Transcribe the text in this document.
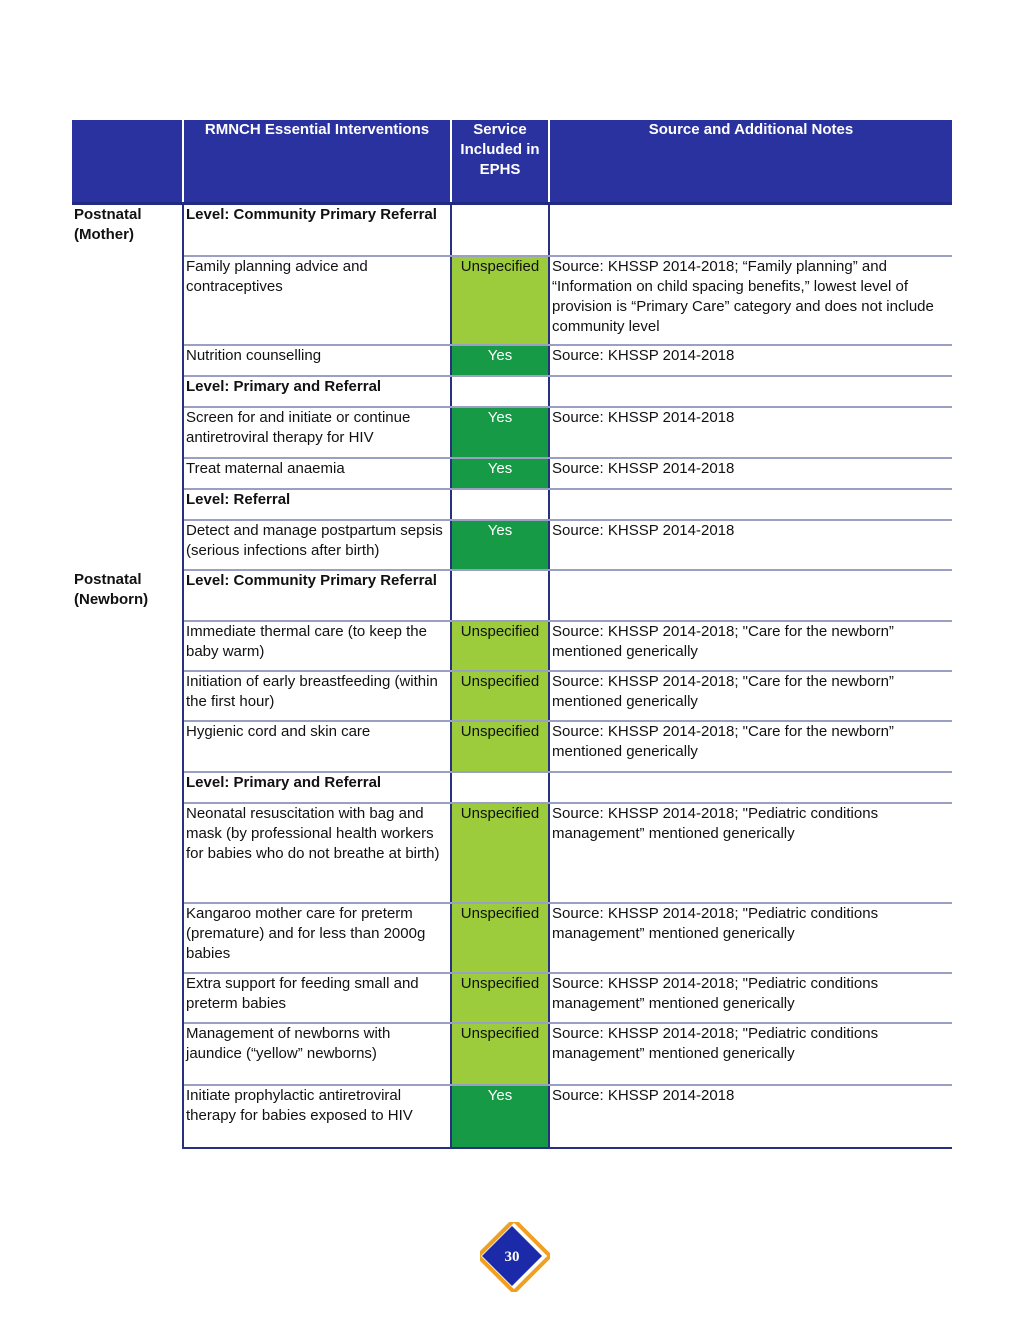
	RMNCH Essential Interventions	Service Included in EPHS	Source and Additional Notes
Postnatal (Mother)	Level: Community Primary Referral		
	Family planning advice and contraceptives	Unspecified	Source: KHSSP 2014-2018; “Family planning” and “Information on child spacing benefits,” lowest level of provision is “Primary Care” category and does not include community level
	Nutrition counselling	Yes	Source: KHSSP 2014-2018
	Level: Primary and Referral		
	Screen for and initiate or continue antiretroviral therapy for HIV	Yes	Source: KHSSP 2014-2018
	Treat maternal anaemia	Yes	Source: KHSSP 2014-2018
	Level: Referral		
	Detect and manage postpartum sepsis (serious infections after birth)	Yes	Source: KHSSP 2014-2018
Postnatal (Newborn)	Level: Community Primary Referral		
	Immediate thermal care (to keep the baby warm)	Unspecified	Source: KHSSP 2014-2018; "Care for the newborn” mentioned generically
	Initiation of early breastfeeding (within the first hour)	Unspecified	Source: KHSSP 2014-2018; "Care for the newborn” mentioned generically
	Hygienic cord and skin care	Unspecified	Source: KHSSP 2014-2018; "Care for the newborn” mentioned generically
	Level: Primary and Referral		
	Neonatal resuscitation with bag and mask (by professional health workers for babies who do not breathe at birth)	Unspecified	Source: KHSSP 2014-2018; "Pediatric conditions management” mentioned generically
	Kangaroo mother care for preterm (premature) and for less than 2000g babies	Unspecified	Source: KHSSP 2014-2018; "Pediatric conditions management” mentioned generically
	Extra support for feeding small and preterm babies	Unspecified	Source: KHSSP 2014-2018; "Pediatric conditions management” mentioned generically
	Management of newborns with jaundice (“yellow” newborns)	Unspecified	Source: KHSSP 2014-2018; "Pediatric conditions management” mentioned generically
	Initiate prophylactic antiretroviral therapy for babies exposed to HIV	Yes	Source: KHSSP 2014-2018
30
